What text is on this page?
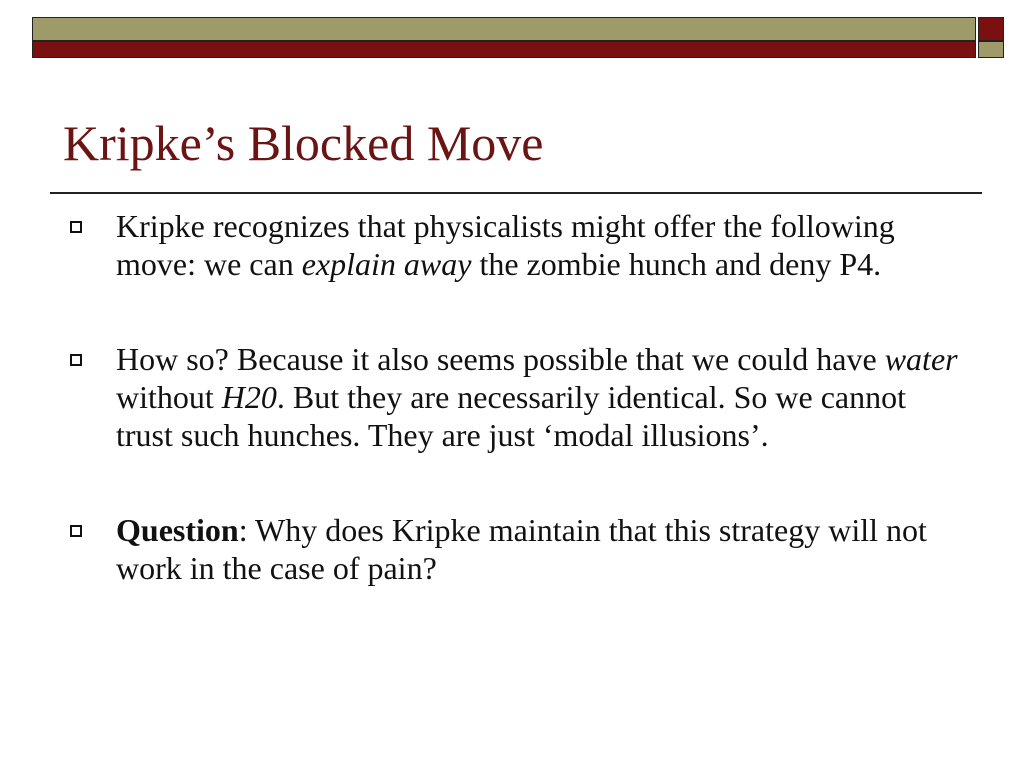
Kripke’s Blocked Move
Kripke recognizes that physicalists might offer the following move: we can explain away the zombie hunch and deny P4.
How so? Because it also seems possible that we could have water without H20. But they are necessarily identical. So we cannot trust such hunches. They are just ‘modal illusions’.
Question: Why does Kripke maintain that this strategy will not work in the case of pain?
